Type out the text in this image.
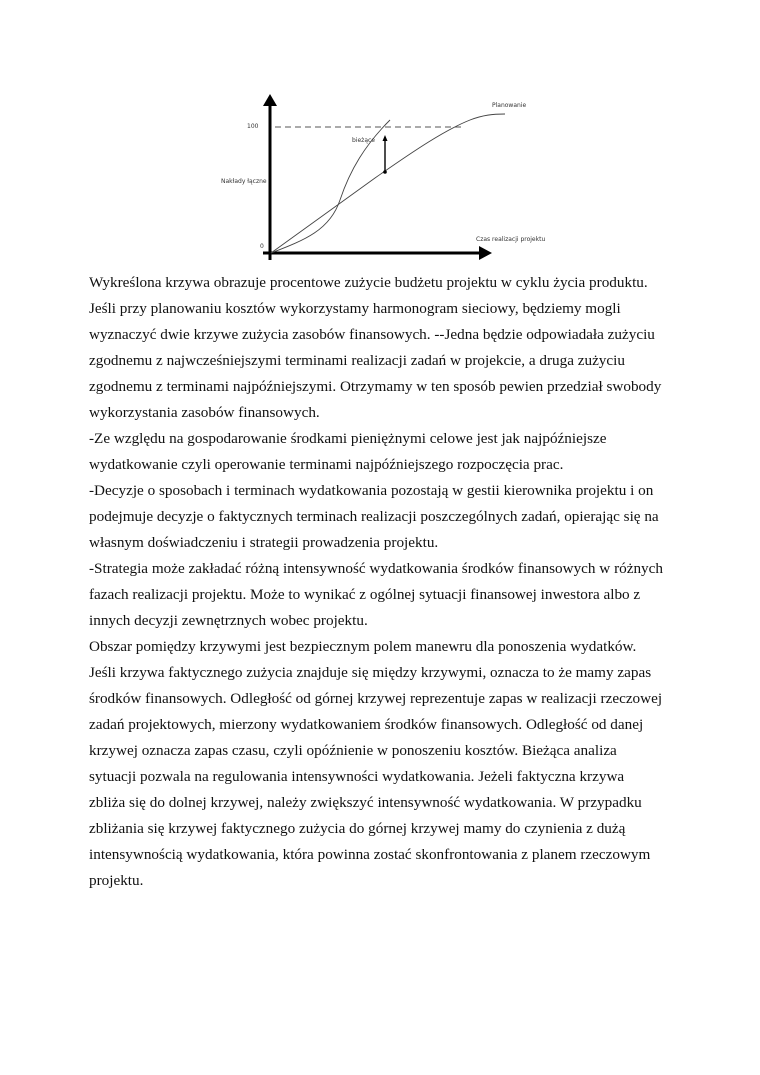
100
0
Nakłady łączne
Czas realizacji projektu
Planowanie
bieżące

Wykreślona krzywa obrazuje procentowe zużycie budżetu projektu w cyklu życia produktu.

Jeśli przy planowaniu kosztów wykorzystamy harmonogram sieciowy, będziemy mogli

wyznaczyć dwie krzywe zużycia zasobów finansowych. --Jedna będzie odpowiadała zużyciu

zgodnemu z najwcześniejszymi terminami realizacji zadań w projekcie, a druga zużyciu

zgodnemu z terminami najpóźniejszymi. Otrzymamy w ten sposób pewien przedział swobody

wykorzystania zasobów finansowych.

-Ze względu na gospodarowanie środkami pieniężnymi celowe jest jak najpóźniejsze

wydatkowanie czyli operowanie terminami najpóźniejszego rozpoczęcia prac.

-Decyzje o sposobach i terminach wydatkowania pozostają w gestii kierownika projektu i on

podejmuje decyzje o faktycznych terminach realizacji poszczególnych zadań, opierając się na

własnym doświadczeniu i strategii prowadzenia projektu.

-Strategia może zakładać różną intensywność wydatkowania środków finansowych w różnych

fazach realizacji projektu. Może to wynikać z ogólnej sytuacji finansowej inwestora albo z

innych decyzji zewnętrznych wobec projektu.

Obszar pomiędzy krzywymi jest bezpiecznym polem manewru dla ponoszenia wydatków.

Jeśli krzywa faktycznego zużycia znajduje się między krzywymi, oznacza to że mamy zapas

środków finansowych. Odległość od górnej krzywej reprezentuje zapas w realizacji rzeczowej

zadań projektowych, mierzony wydatkowaniem środków finansowych. Odległość od danej

krzywej oznacza zapas czasu, czyli opóźnienie w ponoszeniu kosztów. Bieżąca analiza

sytuacji pozwala na regulowania intensywności wydatkowania. Jeżeli faktyczna krzywa

zbliża się do dolnej krzywej, należy zwiększyć intensywność wydatkowania. W przypadku

zbliżania się krzywej faktycznego zużycia do górnej krzywej mamy do czynienia z dużą

intensywnością wydatkowania, która powinna zostać skonfrontowania z planem rzeczowym

projektu.
